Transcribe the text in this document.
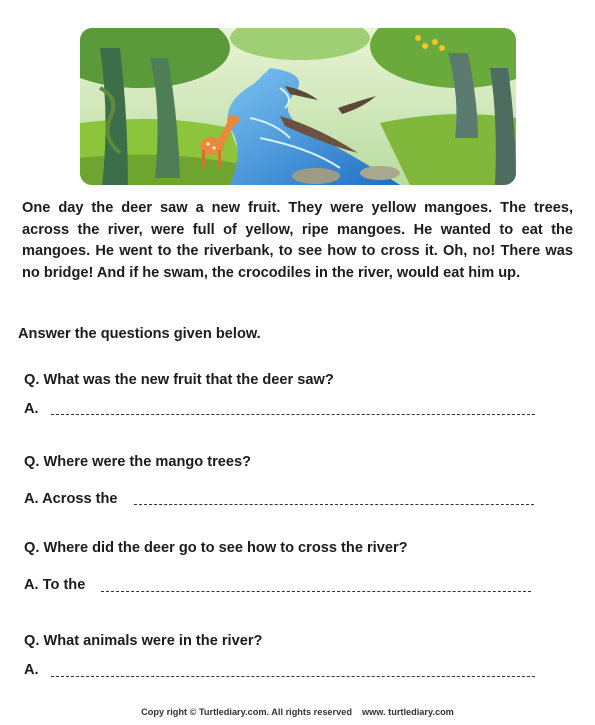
One day the deer saw a new fruit. They were yellow mangoes. The trees, across the river, were full of yellow, ripe mangoes. He wanted to eat the mangoes. He went to the riverbank, to see how to cross it. Oh, no! There was no bridge! And if he swam, the crocodiles in the river, would eat him up.

Answer the questions given below.

Q. What was the new fruit that the deer saw?

A.

Q. Where were the mango trees?

A. Across the

Q. Where did the deer go to see how to cross the river?

A. To the

Q. What animals were in the river?

A.

Copy right © Turtlediary.com. All rights reserved www. turtlediary.com
